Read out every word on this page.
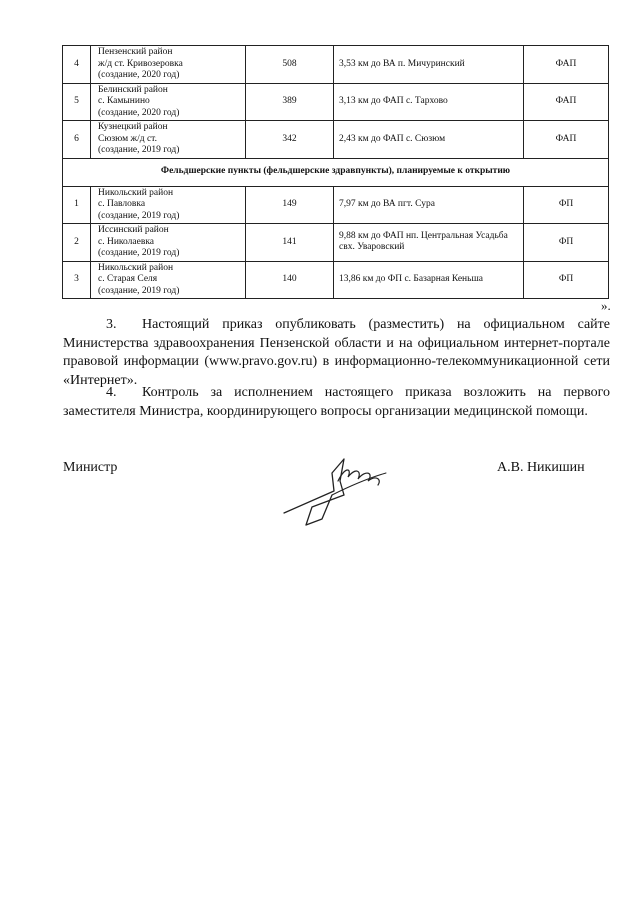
4	Пензенский район
ж/д ст. Кривозеровка
(создание, 2020 год)	508	3,53 км до ВА п. Мичуринский	ФАП
5	Белинский район
с. Камынино
(создание, 2020 год)	389	3,13 км до ФАП с. Тархово	ФАП
6	Кузнецкий район
Сюзюм ж/д ст.
(создание, 2019 год)	342	2,43 км до ФАП с. Сюзюм	ФАП
Фельдшерские пункты (фельдшерские здравпункты), планируемые к открытию				
1	Никольский район
с. Павловка
(создание, 2019 год)	149	7,97 км до ВА пгт. Сура	ФП
2	Иссинский район
с. Николаевка
(создание, 2019 год)	141	9,88 км до ФАП нп. Центральная Усадьба свх. Уваровский	ФП
3	Никольский район
с. Старая Селя
(создание, 2019 год)	140	13,86 км до ФП с. Базарная Кеньша	ФП
».
3. Настоящий приказ опубликовать (разместить) на официальном сайте Министерства здравоохранения Пензенской области и на официальном интернет-портале правовой информации (www.pravo.gov.ru) в информационно-телекоммуникационной сети «Интернет».
4. Контроль за исполнением настоящего приказа возложить на первого заместителя Министра, координирующего вопросы организации медицинской помощи.
Министр	А.В. Никишин
